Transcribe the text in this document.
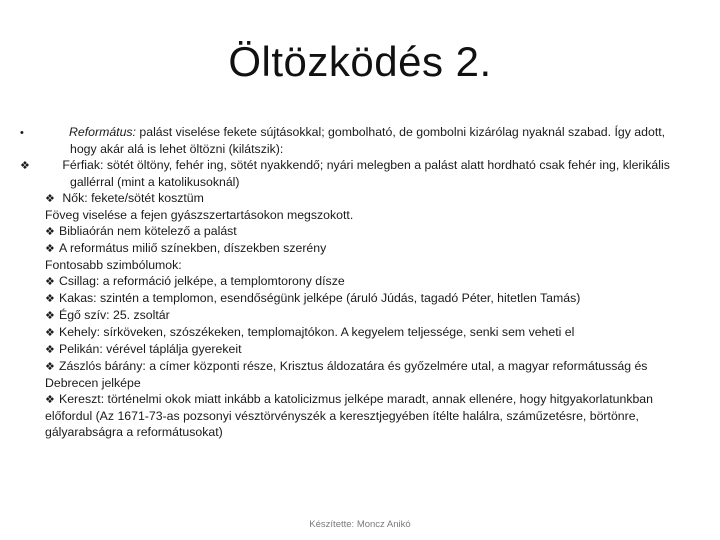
Öltözködés 2.

•	Református: palást viselése fekete sújtásokkal; gombolható, de gombolni kizárólag nyaknál szabad. Így adott, hogy akár alá is lehet öltözni (kilátszik):

❖ Férfiak: sötét öltöny, fehér ing, sötét nyakkendő; nyári melegben a palást alatt hordható csak fehér ing, klerikális gallérral (mint a katolikusoknál)

❖ Nők: fekete/sötét kosztüm

Föveg viselése a fejen gyászszertartásokon megszokott.

❖ Bibliaórán nem kötelező a palást

❖ A református miliő színekben, díszekben szerény

Fontosabb szimbólumok:

❖ Csillag: a reformáció jelképe, a templomtorony dísze

❖ Kakas: szintén a templomon, esendőségünk jelképe (áruló Júdás, tagadó Péter, hitetlen Tamás)

❖ Égő szív: 25. zsoltár

❖ Kehely: sírköveken, szószékeken, templomajtókon. A kegyelem teljessége, senki sem veheti el

❖ Pelikán: vérével táplálja gyerekeit

❖ Zászlós bárány: a címer központi része, Krisztus áldozatára és győzelmére utal, a magyar reformátusság és Debrecen jelképe

❖ Kereszt: történelmi okok miatt inkább a katolicizmus jelképe maradt, annak ellenére, hogy hitgyakorlatunkban előfordul (Az 1671-73-as pozsonyi vésztörvényszék a keresztjegyében ítélte halálra, száműzetésre, börtönre, gályarabságra a reformátusokat)

Készítette: Moncz Anikó
